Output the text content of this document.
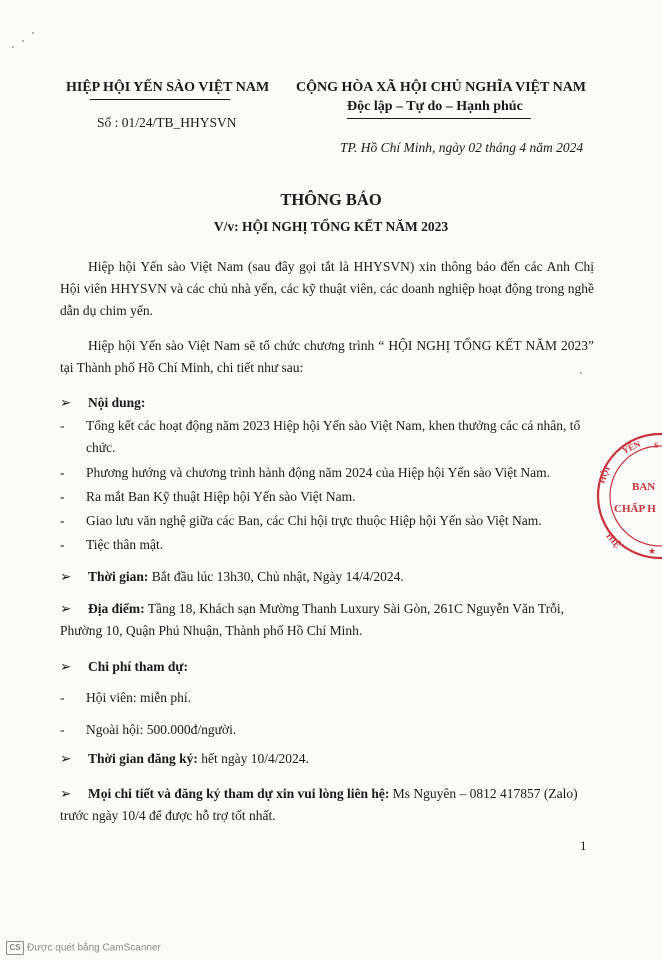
HIỆP HỘI YẾN SÀO VIỆT NAM
Số : 01/24/TB_HHYSVN
CỘNG HÒA XÃ HỘI CHỦ NGHĨA VIỆT NAM
Độc lập – Tự do – Hạnh phúc
TP. Hồ Chí Minh, ngày 02 tháng 4 năm 2024
THÔNG BÁO
V/v: HỘI NGHỊ TỔNG KẾT NĂM 2023
Hiệp hội Yến sào Việt Nam (sau đây gọi tắt là HHYSVN) xin thông báo đến các Anh Chị Hội viên HHYSVN và các chủ nhà yến, các kỹ thuật viên, các doanh nghiệp hoạt động trong nghề dẫn dụ chim yến.
Hiệp hội Yến sào Việt Nam sẽ tổ chức chương trình “ HỘI NGHỊ TỔNG KẾT NĂM 2023” tại Thành phố Hồ Chí Minh, chi tiết như sau:
➢	Nội dung:
-	Tổng kết các hoạt động năm 2023 Hiệp hội Yến sào Việt Nam, khen thưởng các cá nhân, tổ chức.
-	Phương hướng và chương trình hành động năm 2024 của Hiệp hội Yến sào Việt Nam.
-	Ra mắt Ban Kỹ thuật Hiệp hội Yến sào Việt Nam.
-	Giao lưu văn nghệ giữa các Ban, các Chi hội trực thuộc Hiệp hội Yến sào Việt Nam.
-	Tiệc thân mật.
➢	Thời gian: Bắt đầu lúc 13h30, Chủ nhật, Ngày 14/4/2024.
➢	Địa điểm: Tầng 18, Khách sạn Mường Thanh Luxury Sài Gòn, 261C Nguyễn Văn Trỗi, Phường 10, Quận Phú Nhuận, Thành phố Hồ Chí Minh.
➢	Chi phí tham dự:
-	Hội viên: miễn phí.
-	Ngoài hội: 500.000đ/người.
➢	Thời gian đăng ký: hết ngày 10/4/2024.
➢	Mọi chi tiết và đăng ký tham dự xin vui lòng liên hệ: Ms Nguyên – 0812 417857 (Zalo) trước ngày 10/4 để được hỗ trợ tốt nhất.
1
YẾN S
HỘI
BAN
CHẤP H
HIỆ
★
CS Được quét bằng CamScanner
